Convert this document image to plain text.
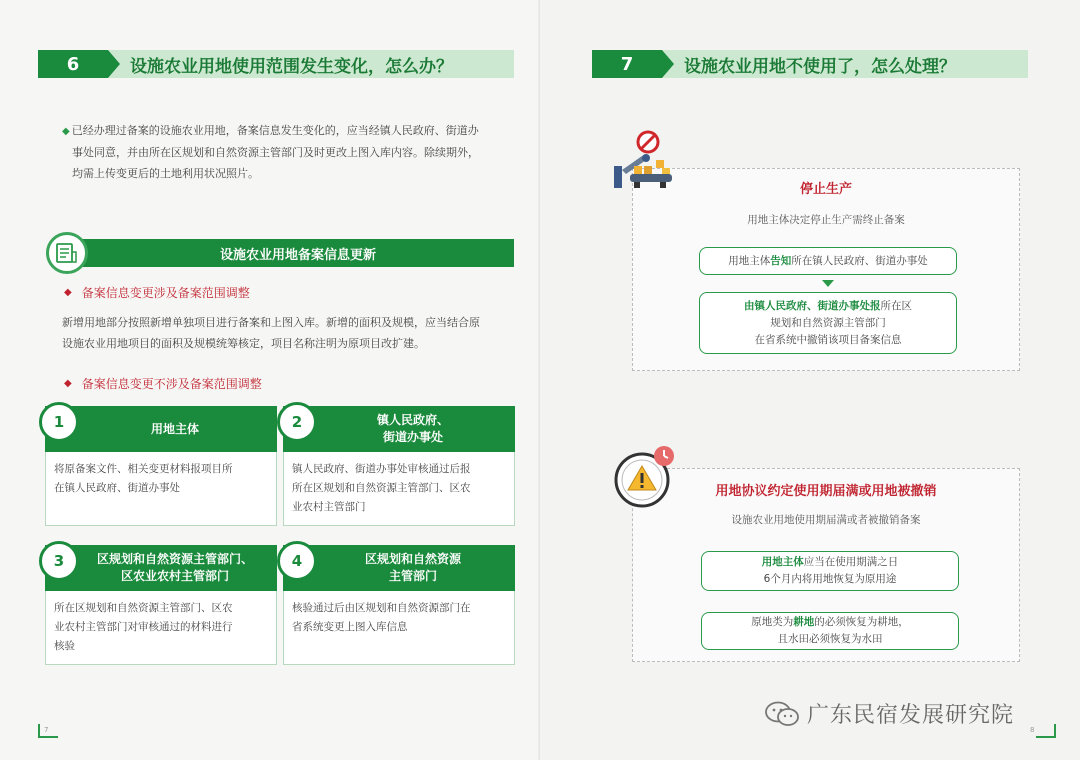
6	设施农业用地使用范围发生变化，怎么办？
◆ 已经办理过备案的设施农业用地，备案信息发生变化的，应当经镇人民政府、街道办
事处同意，并由所在区规划和自然资源主管部门及时更改上图入库内容。除续期外，
均需上传变更后的土地利用状况照片。
设施农业用地备案信息更新
◆ 备案信息变更涉及备案范围调整
新增用地部分按照新增单独项目进行备案和上图入库。新增的面积及规模，应当结合原
设施农业用地项目的面积及规模统筹核定，项目名称注明为原项目改扩建。
◆ 备案信息变更不涉及备案范围调整
用地主体
将原备案文件、相关变更材料报项目所
在镇人民政府、街道办事处
1	镇人民政府、
街道办事处
镇人民政府、街道办事处审核通过后报
所在区规划和自然资源主管部门、区农
业农村主管部门
2
区规划和自然资源主管部门、
区农业农村主管部门
所在区规划和自然资源主管部门、区农
业农村主管部门对审核通过的材料进行
核验
3	区规划和自然资源
主管部门
核验通过后由区规划和自然资源部门在
省系统变更上图入库信息
4
7
7	设施农业用地不使用了，怎么处理？
停止生产
用地主体决定停止生产需终止备案
用地主体告知所在镇人民政府、街道办事处
由镇人民政府、街道办事处报所在区
规划和自然资源主管部门
在省系统中撤销该项目备案信息
用地协议约定使用期届满或用地被撤销
设施农业用地使用期届满或者被撤销备案
用地主体应当在使用期满之日
6个月内将用地恢复为原用途
原地类为耕地的必须恢复为耕地，
且水田必须恢复为水田
8
广东民宿发展研究院
